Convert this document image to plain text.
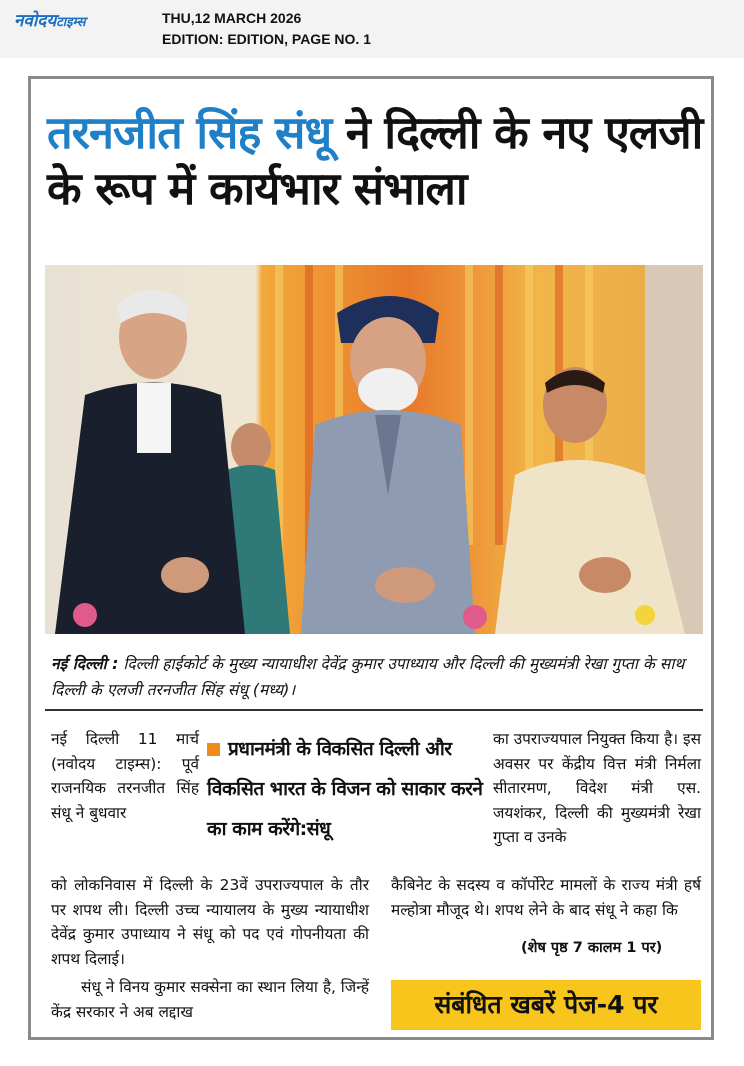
नवोदयटाइम्स	THU,12 MARCH 2026
EDITION: EDITION, PAGE NO. 1
तरनजीत सिंह संधू ने दिल्ली के नए एलजी के रूप में कार्यभार संभाला
नई दिल्ली : दिल्ली हाईकोर्ट के मुख्य न्यायाधीश देवेंद्र कुमार उपाध्याय और दिल्ली की मुख्यमंत्री रेखा गुप्ता के साथ दिल्ली के एलजी तरनजीत सिंह संधू (मध्य)।
नई दिल्ली 11 मार्च (नवोदय टाइम्स): पूर्व राजनयिक तरनजीत सिंह संधू ने बुधवार
को लोकनिवास में दिल्ली के 23वें उपराज्यपाल के तौर पर शपथ ली। दिल्ली उच्च न्यायालय के मुख्य न्यायाधीश देवेंद्र कुमार उपाध्याय ने संधू को पद एवं गोपनीयता की शपथ दिलाई।
संधू ने विनय कुमार सक्सेना का स्थान लिया है, जिन्हें केंद्र सरकार ने अब लद्दाख
प्रधानमंत्री के विकसित दिल्ली और विकसित भारत के विजन को साकार करने का काम करेंगे:संधू
का उपराज्यपाल नियुक्त किया है। इस अवसर पर केंद्रीय वित्त मंत्री निर्मला सीतारमण, विदेश मंत्री एस. जयशंकर, दिल्ली की मुख्यमंत्री रेखा गुप्ता व उनके
कैबिनेट के सदस्य व कॉर्पोरेट मामलों के राज्य मंत्री हर्ष मल्होत्रा मौजूद थे। शपथ लेने के बाद संधू ने कहा कि
(शेष पृष्ठ 7 कालम 1 पर)
संबंधित खबरें पेज-4 पर
